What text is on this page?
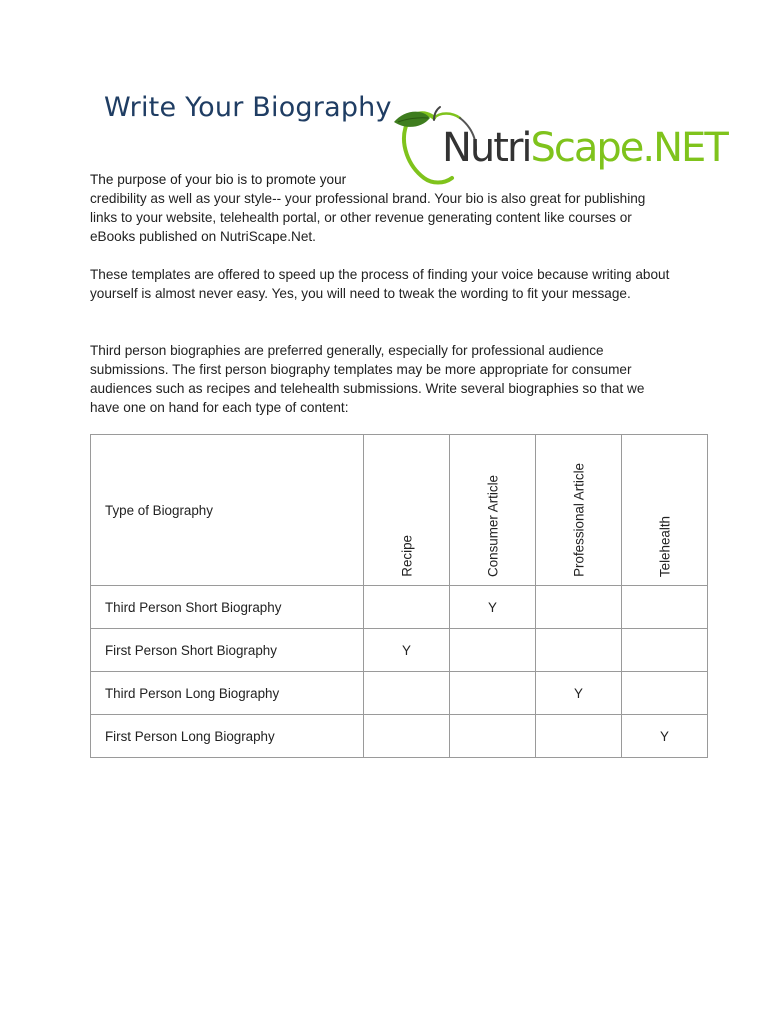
Write Your Biography
NutriScape.NET
The purpose of your bio is to promote your
credibility as well as your style-- your professional brand. Your bio is also great for publishing links to your website, telehealth portal, or other revenue generating content like courses or eBooks published on NutriScape.Net.
These templates are offered to speed up the process of finding your voice because writing about yourself is almost never easy. Yes, you will need to tweak the wording to fit your message.
Third person biographies are preferred generally, especially for professional audience submissions. The first person biography templates may be more appropriate for consumer audiences such as recipes and telehealth submissions. Write several biographies so that we have one on hand for each type of content:
Type of Biography	Recipe	Consumer Article	Professional Article	Telehealth

Third Person Short Biography		Y		
First Person Short Biography	Y			
Third Person Long Biography			Y	
First Person Long Biography				Y
